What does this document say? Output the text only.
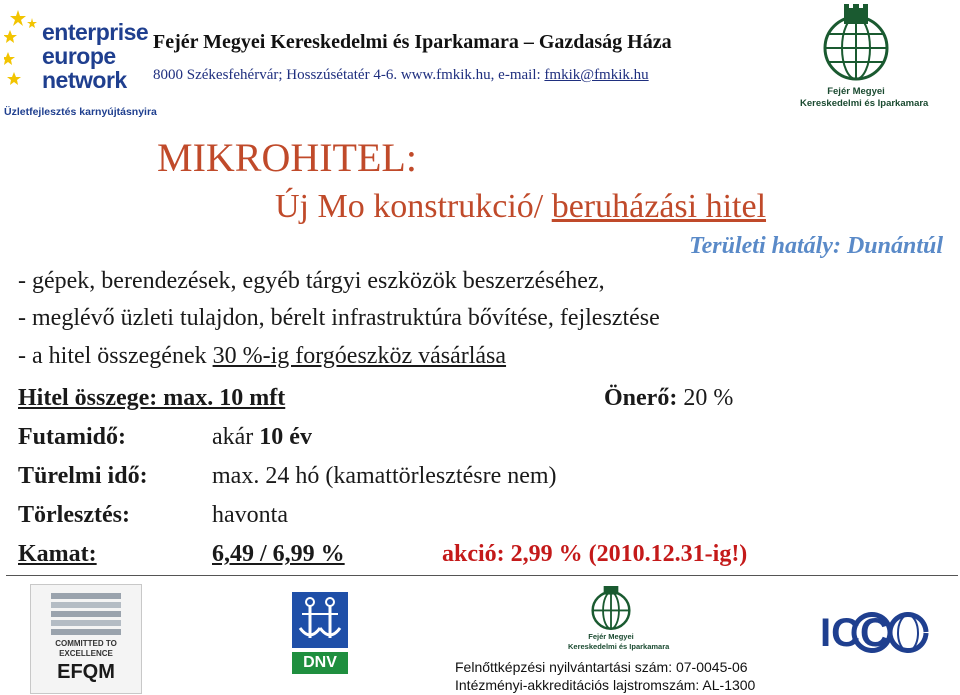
enterprise
europe
network
Üzletfejlesztés karnyújtásnyira
Fejér Megyei Kereskedelmi és Iparkamara – Gazdaság Háza
8000 Székesfehérvár; Hosszúsétatér 4-6. www.fmkik.hu, e-mail: fmkik@fmkik.hu
Fejér Megyei
Kereskedelmi és Iparkamara
MIKROHITEL:
Új Mo konstrukció/ beruházási hitel
Területi hatály: Dunántúl
- gépek, berendezések, egyéb tárgyi eszközök beszerzéséhez,
- meglévő üzleti tulajdon, bérelt infrastruktúra bővítése, fejlesztése
- a hitel összegének 30 %-ig forgóeszköz vásárlása
Hitel összege: max. 10 mft	Önerő: 20 %
Futamidő:	akár 10 év
Türelmi idő:	max. 24 hó (kamattörlesztésre nem)
Törlesztés:	havonta
Kamat:	6,49 / 6,99 %	akció: 2,99 % (2010.12.31-ig!)
COMMITTED TO
EXCELLENCE
EFQM	DNV
Fejér Megyei
Kereskedelmi és Iparkamara	ICC
Felnőttképzési nyilvántartási szám: 07-0045-06
Intézményi-akkreditációs lajstromszám: AL-1300
